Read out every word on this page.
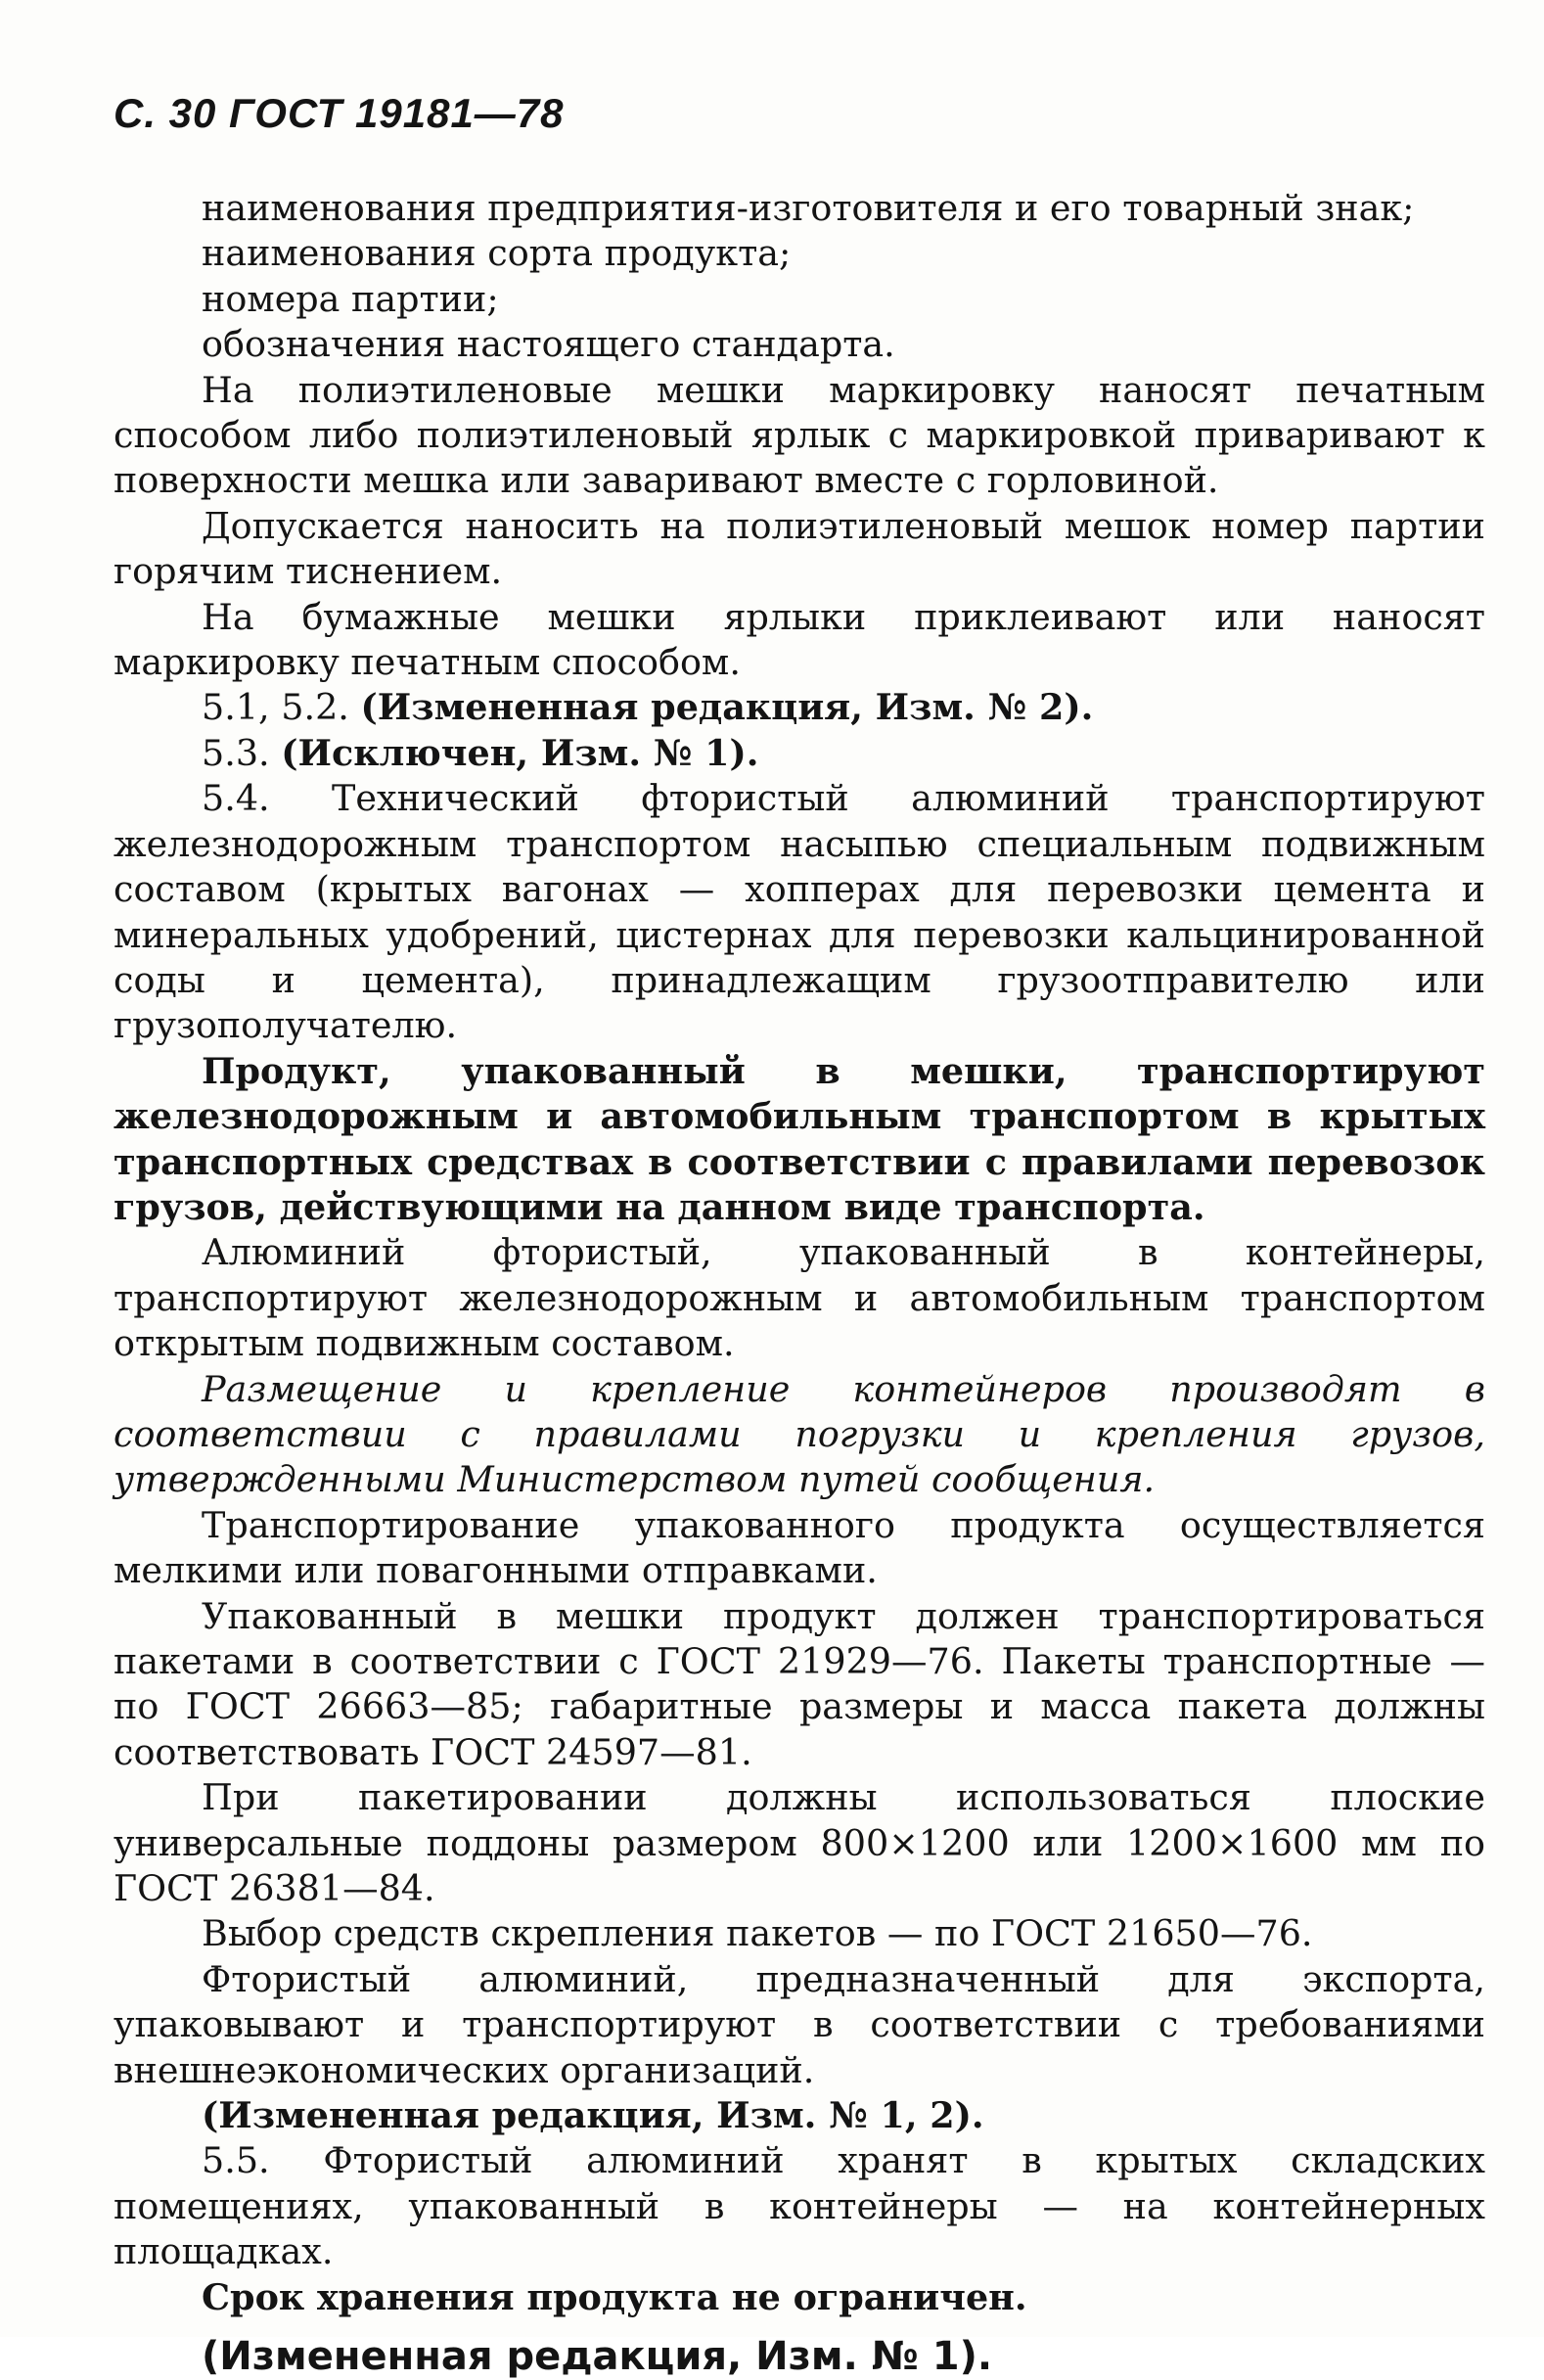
С. 30 ГОСТ 19181—78

наименования предприятия-изготовителя и его товарный знак;

наименования сорта продукта;

номера партии;

обозначения настоящего стандарта.

На полиэтиленовые мешки маркировку наносят печатным способом либо полиэтиленовый ярлык с маркировкой приваривают к поверхности мешка или заваривают вместе с горловиной.

Допускается наносить на полиэтиленовый мешок номер партии горячим тиснением.

На бумажные мешки ярлыки приклеивают или наносят маркировку печатным способом.

5.1, 5.2. (Измененная редакция, Изм. № 2).

5.3. (Исключен, Изм. № 1).

5.4. Технический фтористый алюминий транспортируют железнодорожным транспортом насыпью специальным подвижным составом (крытых вагонах — хопперах для перевозки цемента и минеральных удобрений, цистернах для перевозки кальцинированной соды и цемента), принадлежащим грузоотправителю или грузополучателю.

Продукт, упакованный в мешки, транспортируют железнодорожным и автомобильным транспортом в крытых транспортных средствах в соответствии с правилами перевозок грузов, действующими на данном виде транспорта.

Алюминий фтористый, упакованный в контейнеры, транспортируют железнодорожным и автомобильным транспортом открытым подвижным составом.

Размещение и крепление контейнеров производят в соответствии с правилами погрузки и крепления грузов, утвержденными Министерством путей сообщения.

Транспортирование упакованного продукта осуществляется мелкими или повагонными отправками.

Упакованный в мешки продукт должен транспортироваться пакетами в соответствии с ГОСТ 21929—76. Пакеты транспортные — по ГОСТ 26663—85; габаритные размеры и масса пакета должны соответствовать ГОСТ 24597—81.

При пакетировании должны использоваться плоские универсальные поддоны размером 800×1200 или 1200×1600 мм по ГОСТ 26381—84.

Выбор средств скрепления пакетов — по ГОСТ 21650—76.

Фтористый алюминий, предназначенный для экспорта, упаковывают и транспортируют в соответствии с требованиями внешнеэкономических организаций.

(Измененная редакция, Изм. № 1, 2).

5.5. Фтористый алюминий хранят в крытых складских помещениях, упакованный в контейнеры — на контейнерных площадках.

Срок хранения продукта не ограничен.

(Измененная редакция, Изм. № 1).
